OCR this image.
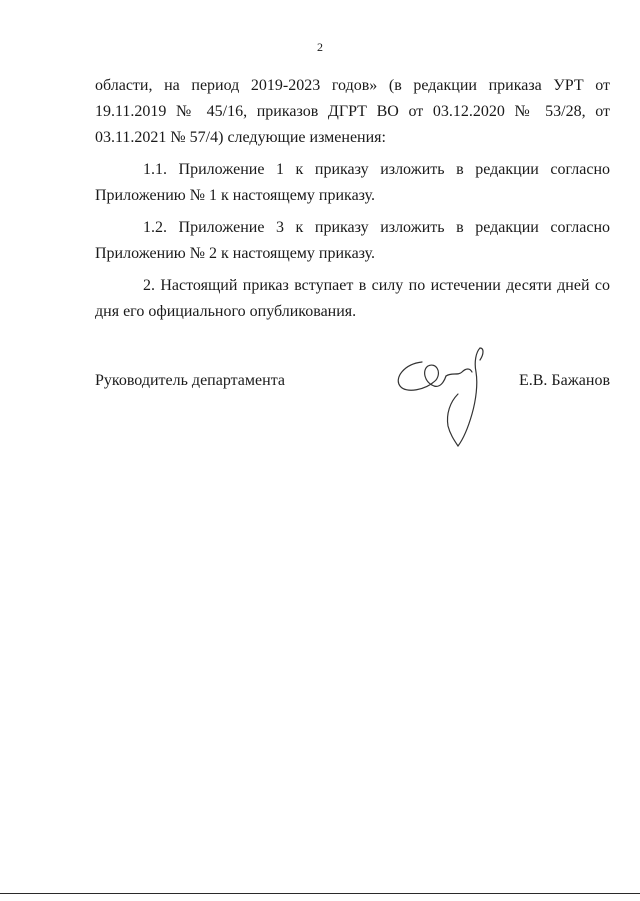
2

области, на период 2019-2023 годов» (в редакции приказа УРТ от 19.11.2019 № 45/16, приказов ДГРТ ВО от 03.12.2020 № 53/28, от 03.11.2021 № 57/4) следующие изменения:

1.1. Приложение 1 к приказу изложить в редакции согласно Приложению № 1 к настоящему приказу.

1.2. Приложение 3 к приказу изложить в редакции согласно Приложению № 2 к настоящему приказу.

2. Настоящий приказ вступает в силу по истечении десяти дней со дня его официального опубликования.

Руководитель департамента	Е.В. Бажанов
